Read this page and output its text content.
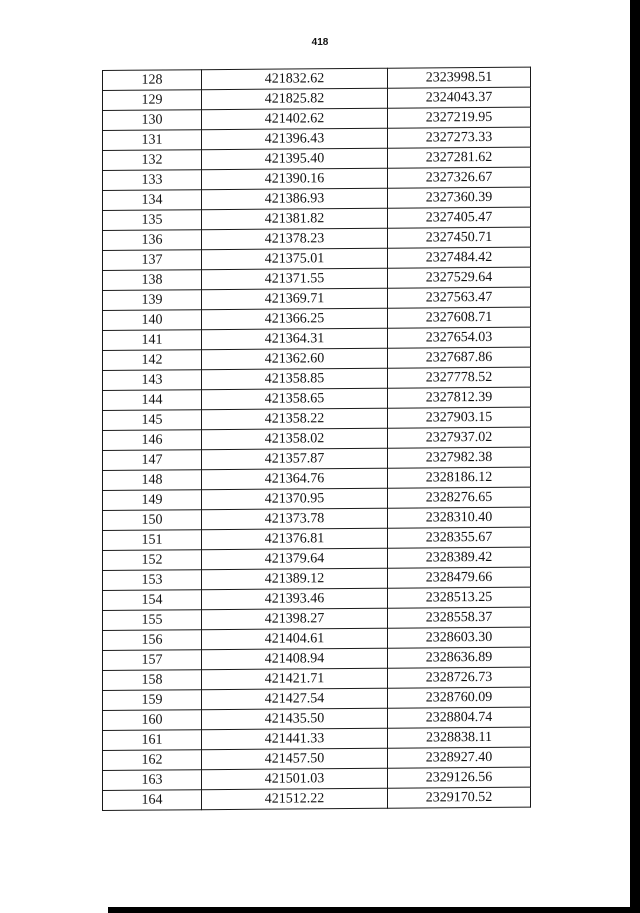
418
128	421832.62	2323998.51
129	421825.82	2324043.37
130	421402.62	2327219.95
131	421396.43	2327273.33
132	421395.40	2327281.62
133	421390.16	2327326.67
134	421386.93	2327360.39
135	421381.82	2327405.47
136	421378.23	2327450.71
137	421375.01	2327484.42
138	421371.55	2327529.64
139	421369.71	2327563.47
140	421366.25	2327608.71
141	421364.31	2327654.03
142	421362.60	2327687.86
143	421358.85	2327778.52
144	421358.65	2327812.39
145	421358.22	2327903.15
146	421358.02	2327937.02
147	421357.87	2327982.38
148	421364.76	2328186.12
149	421370.95	2328276.65
150	421373.78	2328310.40
151	421376.81	2328355.67
152	421379.64	2328389.42
153	421389.12	2328479.66
154	421393.46	2328513.25
155	421398.27	2328558.37
156	421404.61	2328603.30
157	421408.94	2328636.89
158	421421.71	2328726.73
159	421427.54	2328760.09
160	421435.50	2328804.74
161	421441.33	2328838.11
162	421457.50	2328927.40
163	421501.03	2329126.56
164	421512.22	2329170.52
